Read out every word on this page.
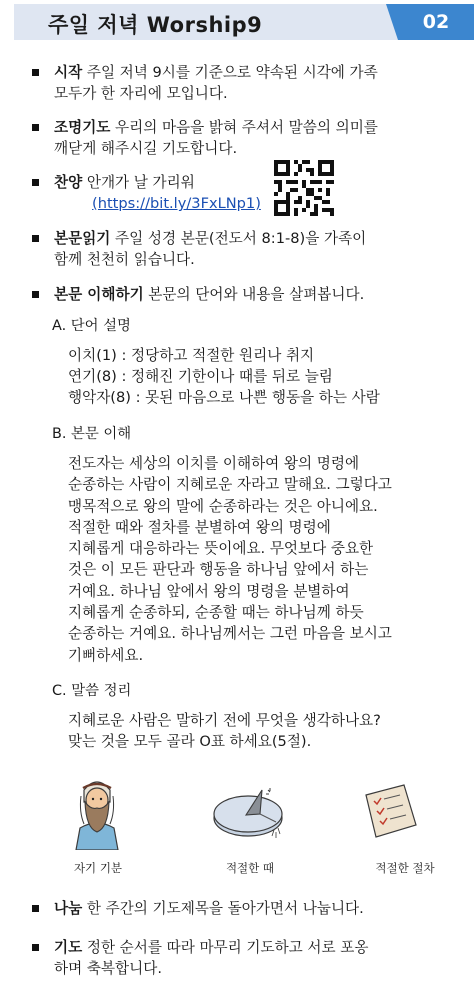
주일 저녁 Worship9	02
시작 주일 저녁 9시를 기준으로 약속된 시각에 가족
모두가 한 자리에 모입니다.
조명기도 우리의 마음을 밝혀 주셔서 말씀의 의미를
깨닫게 해주시길 기도합니다.
찬양 안개가 날 가리워
(https://bit.ly/3FxLNp1)
본문읽기 주일 성경 본문(전도서 8:1-8)을 가족이
함께 천천히 읽습니다.
본문 이해하기 본문의 단어와 내용을 살펴봅니다.
A. 단어 설명
이치(1) : 정당하고 적절한 원리나 취지
연기(8) : 정해진 기한이나 때를 뒤로 늘림
행악자(8) : 못된 마음으로 나쁜 행동을 하는 사람
B. 본문 이해
전도자는 세상의 이치를 이해하여 왕의 명령에
순종하는 사람이 지혜로운 자라고 말해요. 그렇다고
맹목적으로 왕의 말에 순종하라는 것은 아니에요.
적절한 때와 절차를 분별하여 왕의 명령에
지혜롭게 대응하라는 뜻이에요. 무엇보다 중요한
것은 이 모든 판단과 행동을 하나님 앞에서 하는
거예요. 하나님 앞에서 왕의 명령을 분별하여
지혜롭게 순종하되, 순종할 때는 하나님께 하듯
순종하는 거예요. 하나님께서는 그런 마음을 보시고
기뻐하세요.
C. 말씀 정리
지혜로운 사람은 말하기 전에 무엇을 생각하나요?
맞는 것을 모두 골라 O표 하세요(5절).
자기 기분	적절한 때	적절한 절차
나눔 한 주간의 기도제목을 돌아가면서 나눕니다.
기도 정한 순서를 따라 마무리 기도하고 서로 포옹
하며 축복합니다.
